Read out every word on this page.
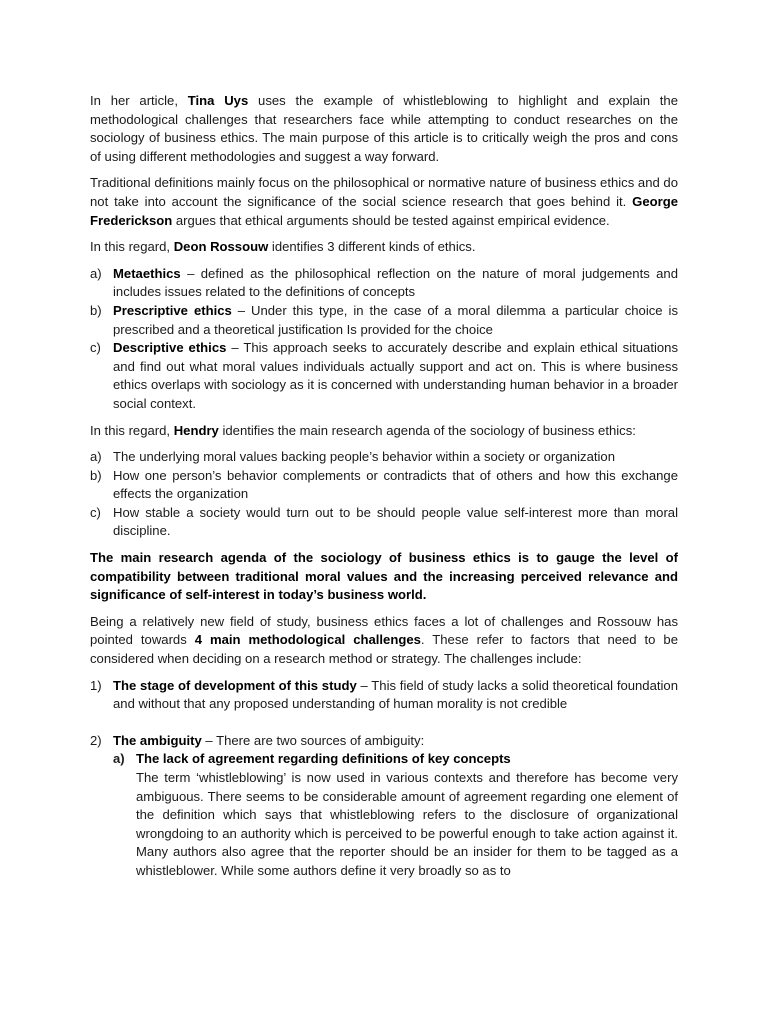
In her article, Tina Uys uses the example of whistleblowing to highlight and explain the methodological challenges that researchers face while attempting to conduct researches on the sociology of business ethics. The main purpose of this article is to critically weigh the pros and cons of using different methodologies and suggest a way forward.

Traditional definitions mainly focus on the philosophical or normative nature of business ethics and do not take into account the significance of the social science research that goes behind it. George Frederickson argues that ethical arguments should be tested against empirical evidence.

In this regard, Deon Rossouw identifies 3 different kinds of ethics.

a) Metaethics – defined as the philosophical reflection on the nature of moral judgements and includes issues related to the definitions of concepts
b) Prescriptive ethics – Under this type, in the case of a moral dilemma a particular choice is prescribed and a theoretical justification Is provided for the choice
c) Descriptive ethics – This approach seeks to accurately describe and explain ethical situations and find out what moral values individuals actually support and act on. This is where business ethics overlaps with sociology as it is concerned with understanding human behavior in a broader social context.

In this regard, Hendry identifies the main research agenda of the sociology of business ethics:

a) The underlying moral values backing people’s behavior within a society or organization
b) How one person’s behavior complements or contradicts that of others and how this exchange effects the organization
c) How stable a society would turn out to be should people value self-interest more than moral discipline.

The main research agenda of the sociology of business ethics is to gauge the level of compatibility between traditional moral values and the increasing perceived relevance and significance of self-interest in today’s business world.

Being a relatively new field of study, business ethics faces a lot of challenges and Rossouw has pointed towards 4 main methodological challenges. These refer to factors that need to be considered when deciding on a research method or strategy. The challenges include:

1) The stage of development of this study – This field of study lacks a solid theoretical foundation and without that any proposed understanding of human morality is not credible
2) The ambiguity – There are two sources of ambiguity:
a) The lack of agreement regarding definitions of key concepts
The term ‘whistleblowing’ is now used in various contexts and therefore has become very ambiguous. There seems to be considerable amount of agreement regarding one element of the definition which says that whistleblowing refers to the disclosure of organizational wrongdoing to an authority which is perceived to be powerful enough to take action against it. Many authors also agree that the reporter should be an insider for them to be tagged as a whistleblower. While some authors define it very broadly so as to
